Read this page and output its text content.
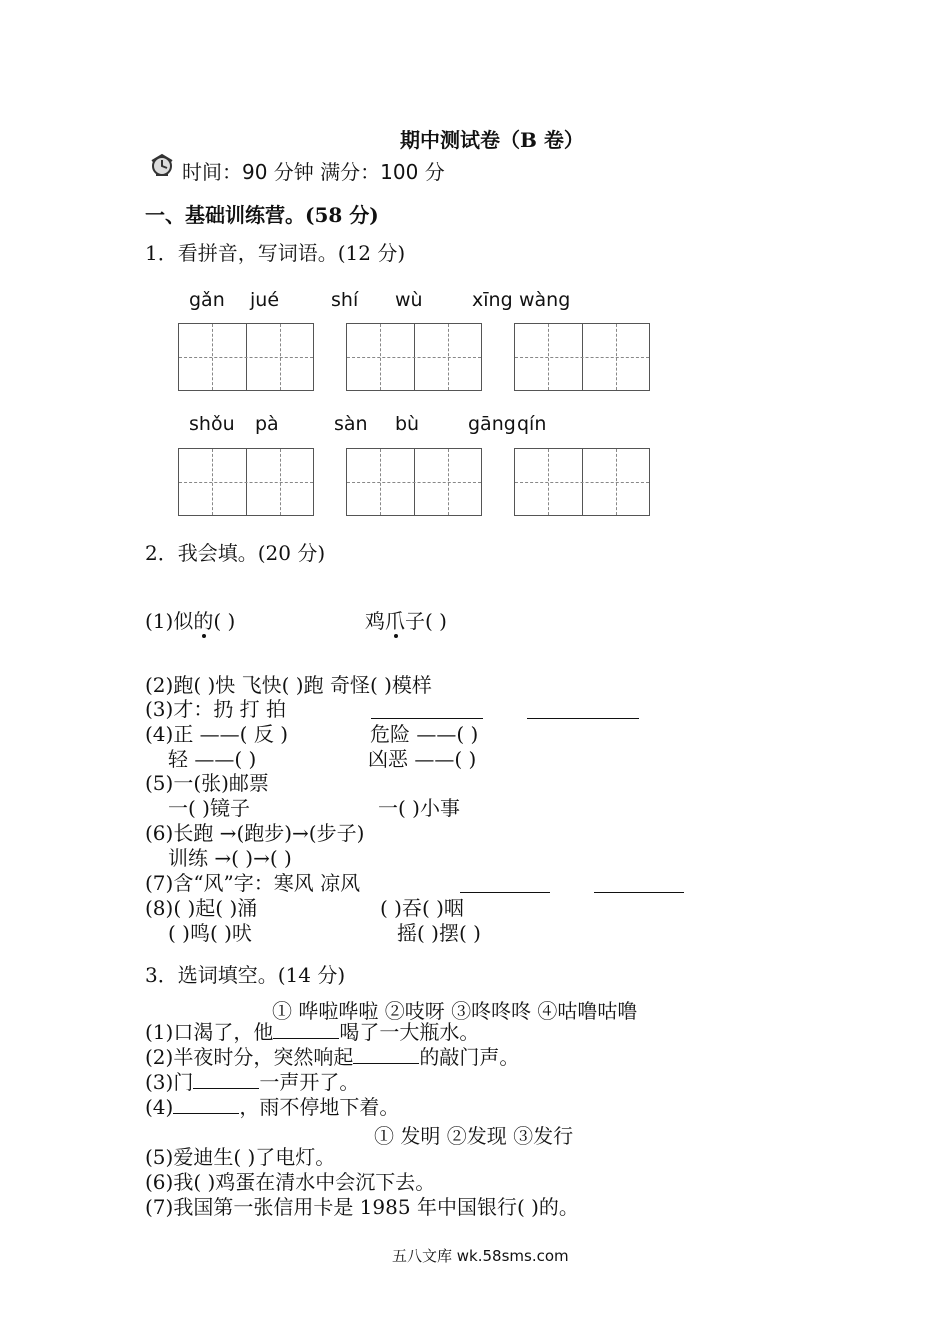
期中测试卷（B 卷）
时间：90 分钟 满分：100 分
一、基础训练营。(58 分)
1．看拼音，写词语。(12 分)
gǎn jué	shí wù	xīng wàng
shǒu pà	sàn bù	gāng qín
2．我会填。(20 分)
(1)似的( )	鸡爪子( )
(2)跑( )快 飞快( )跑 奇怪( )模样
(3)才：扔 打 拍
(4)正 ——( 反 )	危险 ——( )
轻 ——( )	凶恶 ——( )
(5)一(张)邮票
一( )镜子	一( )小事
(6)长跑 →(跑步)→(步子)
训练 →( )→( )
(7)含“风”字：寒风 凉风
(8)( )起( )涌	( )吞( )咽
( )鸣( )吠	摇( )摆( )
3．选词填空。(14 分)
① 哗啦哗啦 ②吱呀 ③咚咚咚 ④咕噜咕噜
(1)口渴了，他	喝了一大瓶水。
(2)半夜时分，突然响起	的敲门声。
(3)门	一声开了。
(4)	，雨不停地下着。
① 发明 ②发现 ③发行
(5)爱迪生( )了电灯。
(6)我( )鸡蛋在清水中会沉下去。
(7)我国第一张信用卡是 1985 年中国银行( )的。
五八文库 wk.58sms.com
